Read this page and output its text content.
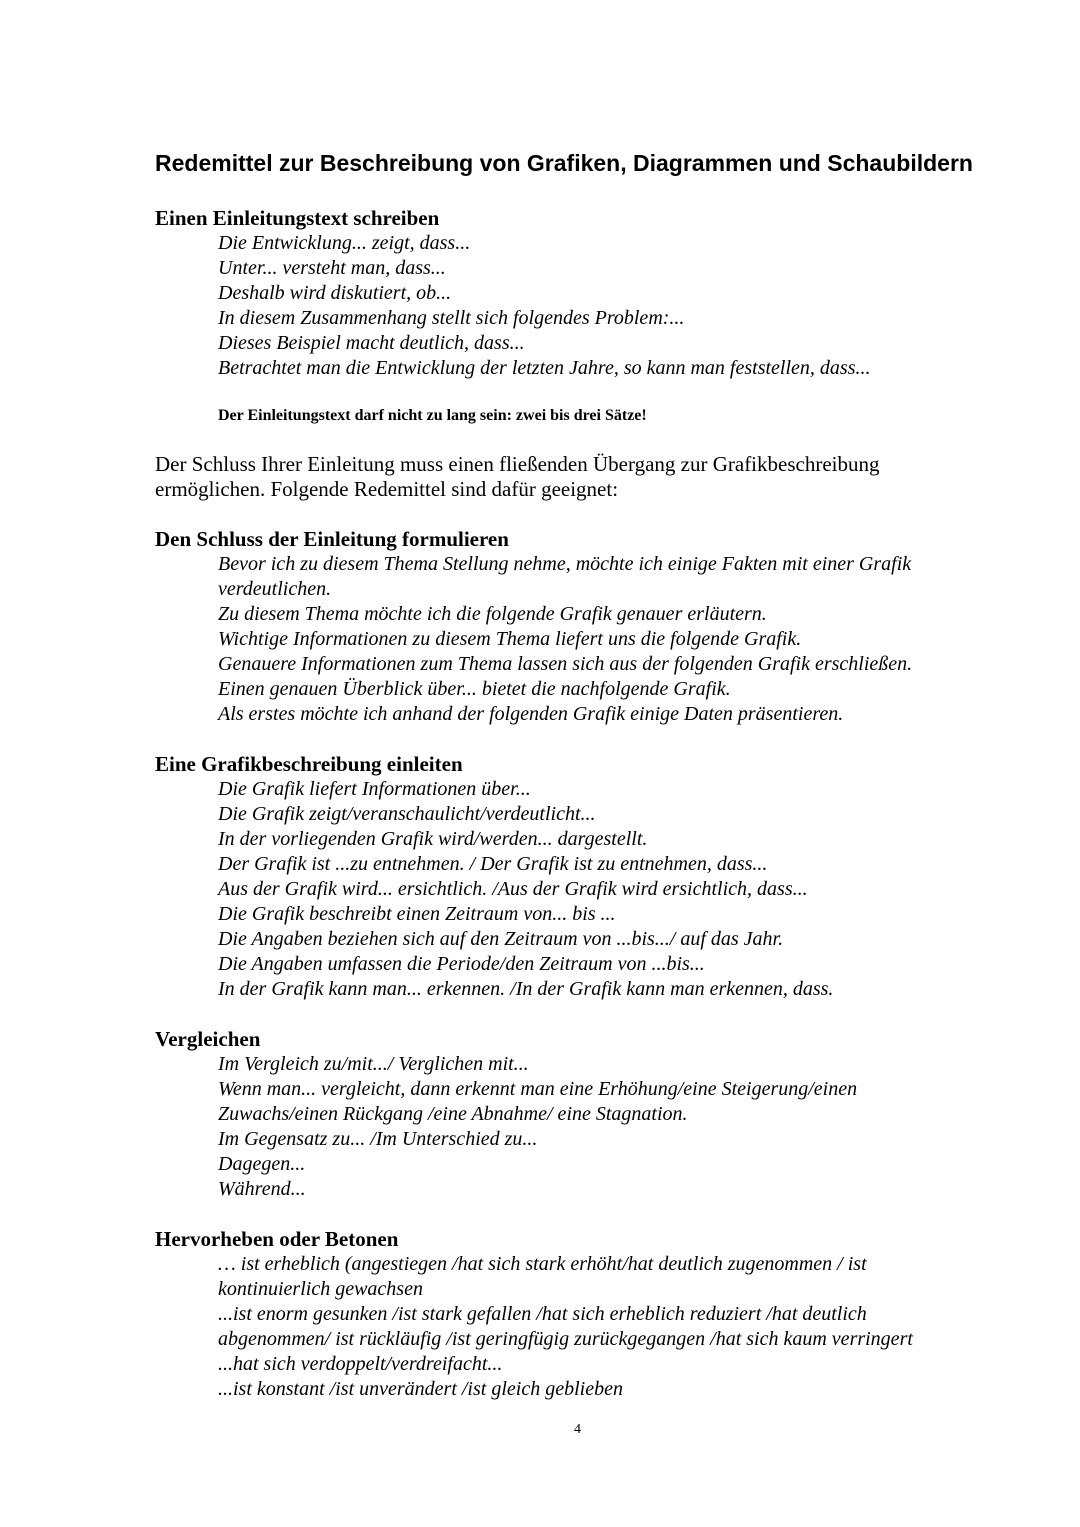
Redemittel zur Beschreibung von Grafiken, Diagrammen und Schaubildern
Einen Einleitungstext schreiben
Die Entwicklung... zeigt, dass...
Unter... versteht man, dass...
Deshalb wird diskutiert, ob...
In diesem Zusammenhang stellt sich folgendes Problem:...
Dieses Beispiel macht deutlich, dass...
Betrachtet man die Entwicklung der letzten Jahre, so kann man feststellen, dass...

Der Einleitungstext darf nicht zu lang sein: zwei bis drei Sätze!

Der Schluss Ihrer Einleitung muss einen fließenden Übergang zur Grafikbeschreibung
ermöglichen. Folgende Redemittel sind dafür geeignet:

Den Schluss der Einleitung formulieren
Bevor ich zu diesem Thema Stellung nehme, möchte ich einige Fakten mit einer Grafik
verdeutlichen.
Zu diesem Thema möchte ich die folgende Grafik genauer erläutern.
Wichtige Informationen zu diesem Thema liefert uns die folgende Grafik.
Genauere Informationen zum Thema lassen sich aus der folgenden Grafik erschließen.
Einen genauen Überblick über... bietet die nachfolgende Grafik.
Als erstes möchte ich anhand der folgenden Grafik einige Daten präsentieren.
Eine Grafikbeschreibung einleiten
Die Grafik liefert Informationen über...
Die Grafik zeigt/veranschaulicht/verdeutlicht...
In der vorliegenden Grafik wird/werden... dargestellt.
Der Grafik ist ...zu entnehmen. / Der Grafik ist zu entnehmen, dass...
Aus der Grafik wird... ersichtlich. /Aus der Grafik wird ersichtlich, dass...
Die Grafik beschreibt einen Zeitraum von... bis ...
Die Angaben beziehen sich auf den Zeitraum von ...bis.../ auf das Jahr.
Die Angaben umfassen die Periode/den Zeitraum von ...bis...
In der Grafik kann man... erkennen. /In der Grafik kann man erkennen, dass.
Vergleichen
Im Vergleich zu/mit.../ Verglichen mit...
Wenn man... vergleicht, dann erkennt man eine Erhöhung/eine Steigerung/einen
Zuwachs/einen Rückgang /eine Abnahme/ eine Stagnation.
Im Gegensatz zu... /Im Unterschied zu...
Dagegen...
Während...
Hervorheben oder Betonen
… ist erheblich (angestiegen /hat sich stark erhöht/hat deutlich zugenommen / ist
kontinuierlich gewachsen
...ist enorm gesunken /ist stark gefallen /hat sich erheblich reduziert /hat deutlich
abgenommen/ ist rückläufig /ist geringfügig zurückgegangen /hat sich kaum verringert
...hat sich verdoppelt/verdreifacht...
...ist konstant /ist unverändert /ist gleich geblieben

4
